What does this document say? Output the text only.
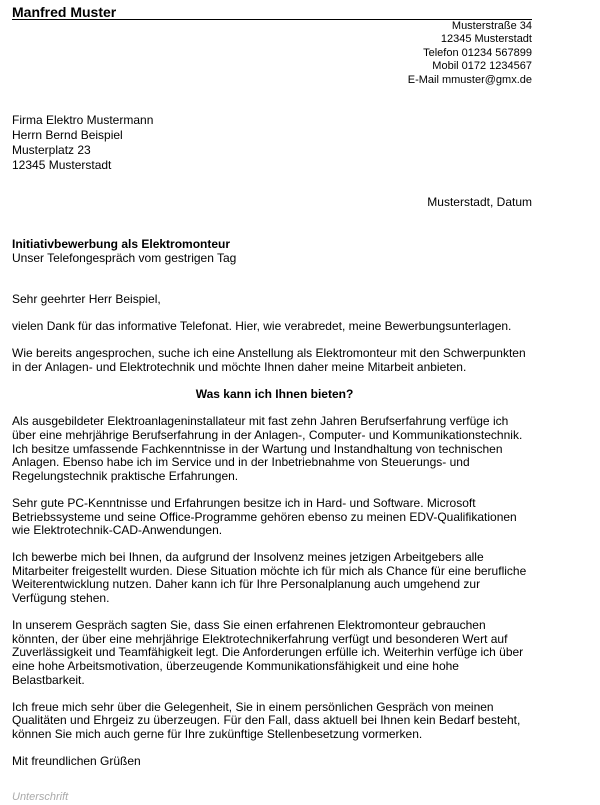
Manfred Muster
Musterstraße 34
12345 Musterstadt
Telefon 01234 567899
Mobil 0172 1234567
E-Mail mmuster@gmx.de
Firma Elektro Mustermann
Herrn Bernd Beispiel
Musterplatz 23
12345 Musterstadt
Musterstadt, Datum
Initiativbewerbung als Elektromonteur
Unser Telefongespräch vom gestrigen Tag

Sehr geehrter Herr Beispiel,

vielen Dank für das informative Telefonat. Hier, wie verabredet, meine Bewerbungsunterlagen.

Wie bereits angesprochen, suche ich eine Anstellung als Elektromonteur mit den Schwerpunkten
in der Anlagen- und Elektrotechnik und möchte Ihnen daher meine Mitarbeit anbieten.

Was kann ich Ihnen bieten?

Als ausgebildeter Elektroanlageninstallateur mit fast zehn Jahren Berufserfahrung verfüge ich
über eine mehrjährige Berufserfahrung in der Anlagen-, Computer- und Kommunikationstechnik.
Ich besitze umfassende Fachkenntnisse in der Wartung und Instandhaltung von technischen
Anlagen. Ebenso habe ich im Service und in der Inbetriebnahme von Steuerungs- und
Regelungstechnik praktische Erfahrungen.

Sehr gute PC-Kenntnisse und Erfahrungen besitze ich in Hard- und Software. Microsoft
Betriebssysteme und seine Office-Programme gehören ebenso zu meinen EDV-Qualifikationen
wie Elektrotechnik-CAD-Anwendungen.

Ich bewerbe mich bei Ihnen, da aufgrund der Insolvenz meines jetzigen Arbeitgebers alle
Mitarbeiter freigestellt wurden. Diese Situation möchte ich für mich als Chance für eine berufliche
Weiterentwicklung nutzen. Daher kann ich für Ihre Personalplanung auch umgehend zur
Verfügung stehen.

In unserem Gespräch sagten Sie, dass Sie einen erfahrenen Elektromonteur gebrauchen
könnten, der über eine mehrjährige Elektrotechnikerfahrung verfügt und besonderen Wert auf
Zuverlässigkeit und Teamfähigkeit legt. Die Anforderungen erfülle ich. Weiterhin verfüge ich über
eine hohe Arbeitsmotivation, überzeugende Kommunikationsfähigkeit und eine hohe
Belastbarkeit.

Ich freue mich sehr über die Gelegenheit, Sie in einem persönlichen Gespräch von meinen
Qualitäten und Ehrgeiz zu überzeugen. Für den Fall, dass aktuell bei Ihnen kein Bedarf besteht,
können Sie mich auch gerne für Ihre zukünftige Stellenbesetzung vormerken.

Mit freundlichen Grüßen

Unterschrift
